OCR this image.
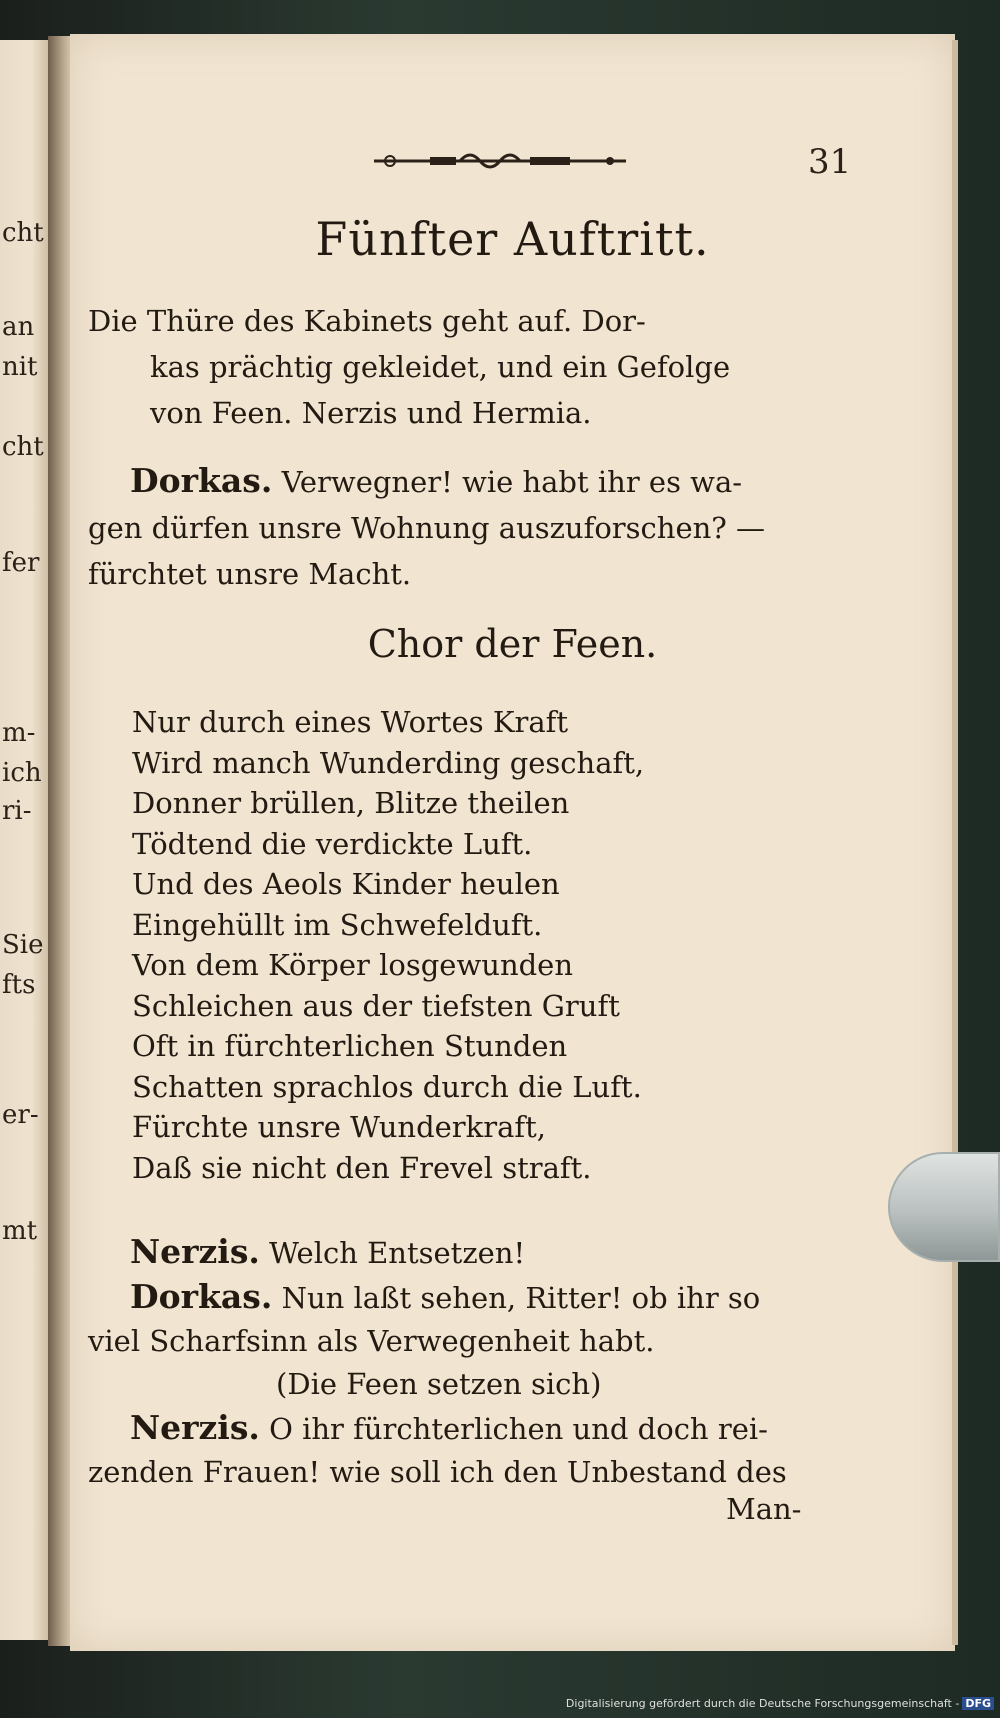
cht
an
nit
cht
fer
m-
ich
ri-
Sie
fts
er-
mt
31
Fünfter Auftritt.
Die Thüre des Kabinets geht auf. Dor-
kas prächtig gekleidet, und ein Gefolge
von Feen. Nerzis und Hermia.
Dorkas. Verwegner! wie habt ihr es wa-
gen dürfen unsre Wohnung auszuforschen? —
fürchtet unsre Macht.
Chor der Feen.
Nur durch eines Wortes Kraft
Wird manch Wunderding geschaft,
Donner brüllen, Blitze theilen
Tödtend die verdickte Luft.
Und des Aeols Kinder heulen
Eingehüllt im Schwefelduft.
Von dem Körper losgewunden
Schleichen aus der tiefsten Gruft
Oft in fürchterlichen Stunden
Schatten sprachlos durch die Luft.
Fürchte unsre Wunderkraft,
Daß sie nicht den Frevel straft.
Nerzis. Welch Entsetzen!
Dorkas. Nun laßt sehen, Ritter! ob ihr so
viel Scharfsinn als Verwegenheit habt.
(Die Feen setzen sich)
Nerzis. O ihr fürchterlichen und doch rei-
zenden Frauen! wie soll ich den Unbestand des
Man-
Digitalisierung gefördert durch die Deutsche Forschungsgemeinschaft - DFG
